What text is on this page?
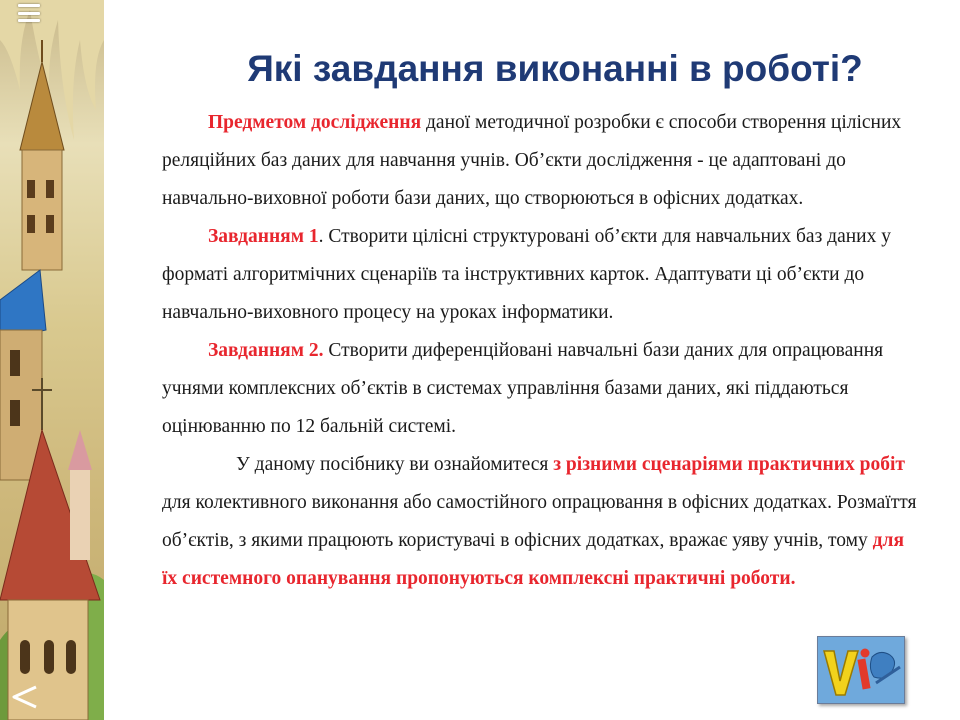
Які завдання виконанні в роботі?

Предметом дослідження даної методичної розробки є способи створення цілісних реляційних баз даних для навчання учнів. Об’єкти дослідження - це адаптовані до навчально-виховної роботи бази даних, що створюються в офісних додатках.

Завданням 1. Створити цілісні структуровані об’єкти для навчальних баз даних у форматі алгоритмічних сценаріїв та інструктивних карток. Адаптувати ці об’єкти до навчально-виховного процесу на уроках інформатики.

Завданням 2. Створити диференційовані навчальні бази даних для опрацювання учнями комплексних об’єктів в системах управління базами даних, які піддаються оцінюванню по 12 бальній системі.

У даному посібнику ви ознайомитеся з різними сценаріями практичних робіт для колективного виконання або самостійного опрацювання в офісних додатках. Розмаїття об’єктів, з якими працюють користувачі в офісних додатках, вражає уяву учнів, тому для їх системного опанування пропонуються комплексні практичні роботи.
